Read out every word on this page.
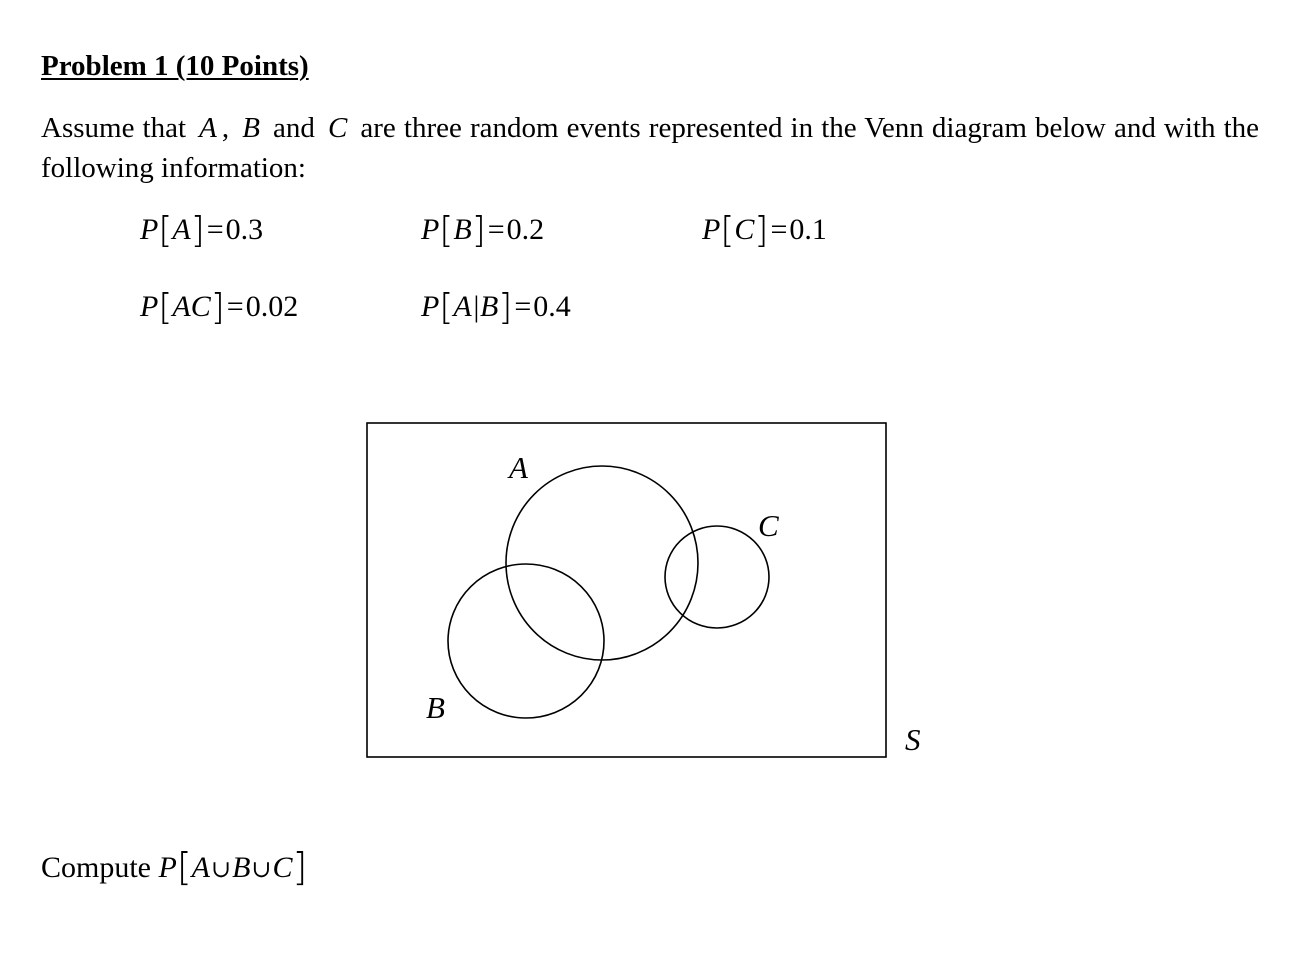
Problem 1 (10 Points)
Assume that A , B and C are three random events represented in the Venn diagram below and with the following information:
P[A]=0.3	P[B]=0.2	P[C]=0.1
P[AC]=0.02	P[A|B]=0.4
A
B
C
S
Compute P[A∪B∪C]
